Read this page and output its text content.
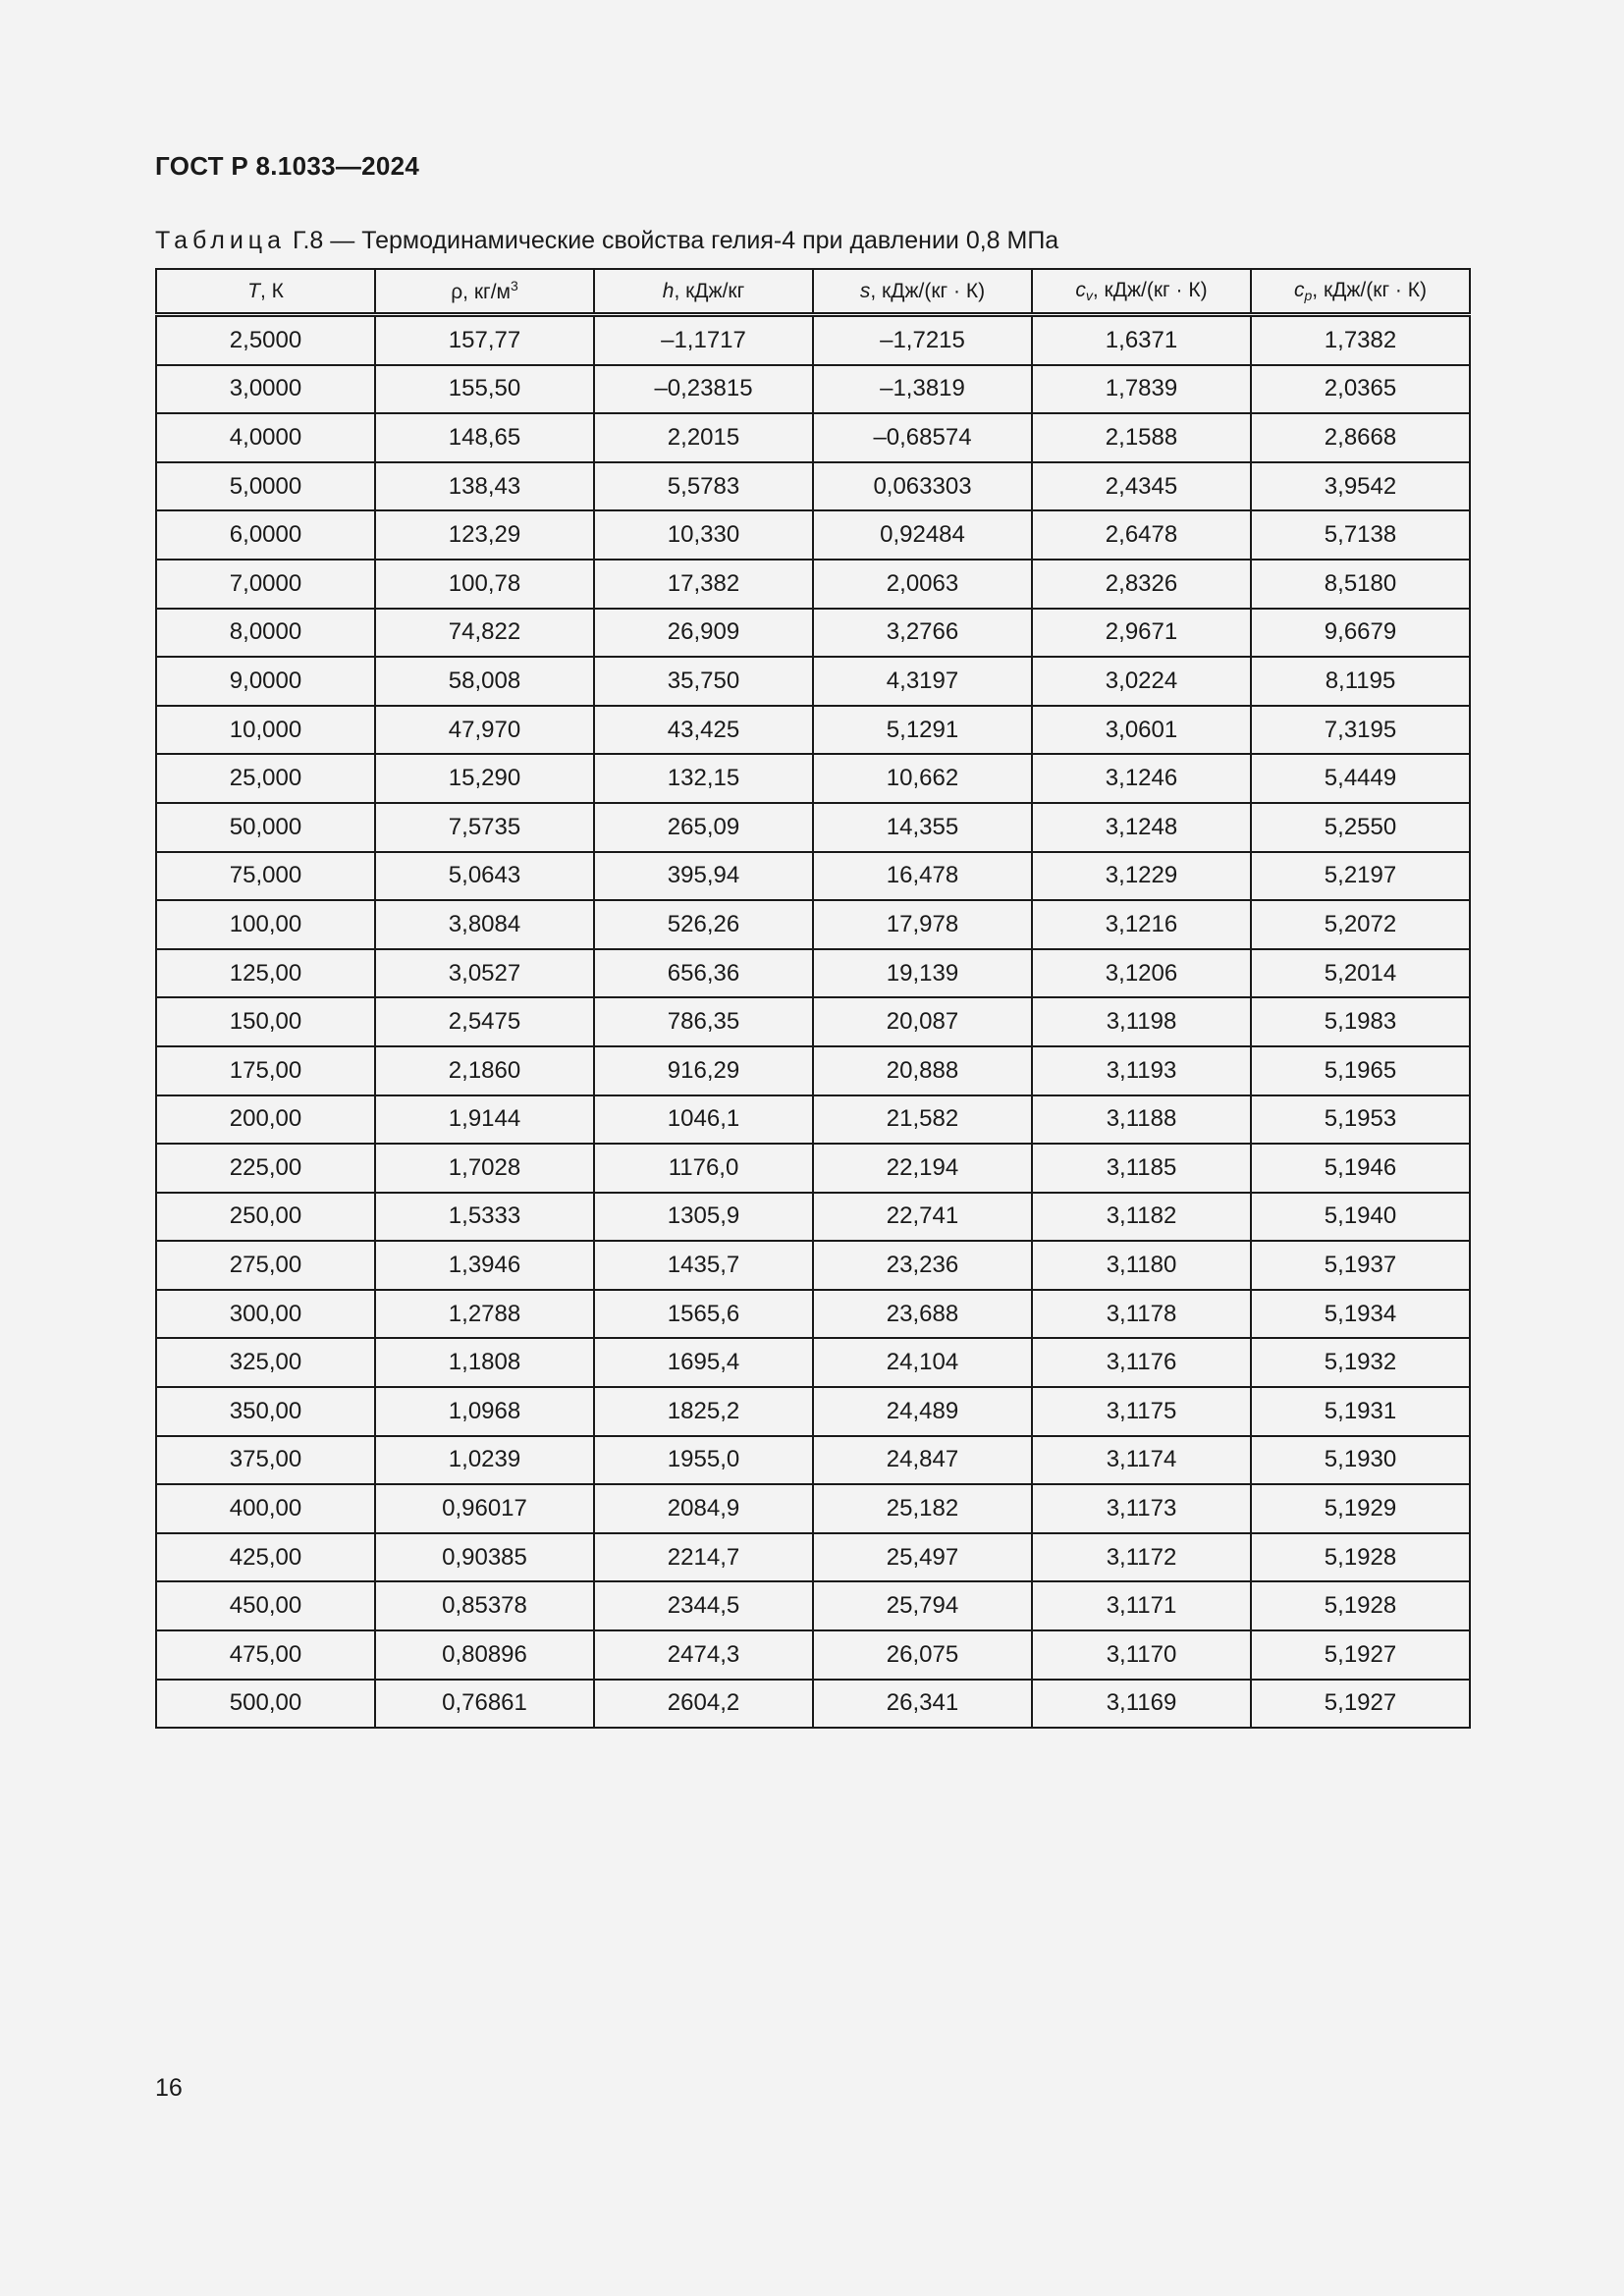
ГОСТ Р 8.1033—2024
Таблица Г.8 — Термодинамические свойства гелия-4 при давлении 0,8 МПа
T, К	ρ, $кг/м^3$	h, кДж/кг	s, кДж/(кг · К)	$c_v$, кДж/(кг · К)	$c_p$, кДж/(кг · К)
2,5000	157,77	–1,1717	–1,7215	1,6371	1,7382
3,0000	155,50	–0,23815	–1,3819	1,7839	2,0365
4,0000	148,65	2,2015	–0,68574	2,1588	2,8668
5,0000	138,43	5,5783	0,063303	2,4345	3,9542
6,0000	123,29	10,330	0,92484	2,6478	5,7138
7,0000	100,78	17,382	2,0063	2,8326	8,5180
8,0000	74,822	26,909	3,2766	2,9671	9,6679
9,0000	58,008	35,750	4,3197	3,0224	8,1195
10,000	47,970	43,425	5,1291	3,0601	7,3195
25,000	15,290	132,15	10,662	3,1246	5,4449
50,000	7,5735	265,09	14,355	3,1248	5,2550
75,000	5,0643	395,94	16,478	3,1229	5,2197
100,00	3,8084	526,26	17,978	3,1216	5,2072
125,00	3,0527	656,36	19,139	3,1206	5,2014
150,00	2,5475	786,35	20,087	3,1198	5,1983
175,00	2,1860	916,29	20,888	3,1193	5,1965
200,00	1,9144	1046,1	21,582	3,1188	5,1953
225,00	1,7028	1176,0	22,194	3,1185	5,1946
250,00	1,5333	1305,9	22,741	3,1182	5,1940
275,00	1,3946	1435,7	23,236	3,1180	5,1937
300,00	1,2788	1565,6	23,688	3,1178	5,1934
325,00	1,1808	1695,4	24,104	3,1176	5,1932
350,00	1,0968	1825,2	24,489	3,1175	5,1931
375,00	1,0239	1955,0	24,847	3,1174	5,1930
400,00	0,96017	2084,9	25,182	3,1173	5,1929
425,00	0,90385	2214,7	25,497	3,1172	5,1928
450,00	0,85378	2344,5	25,794	3,1171	5,1928
475,00	0,80896	2474,3	26,075	3,1170	5,1927
500,00	0,76861	2604,2	26,341	3,1169	5,1927
16
